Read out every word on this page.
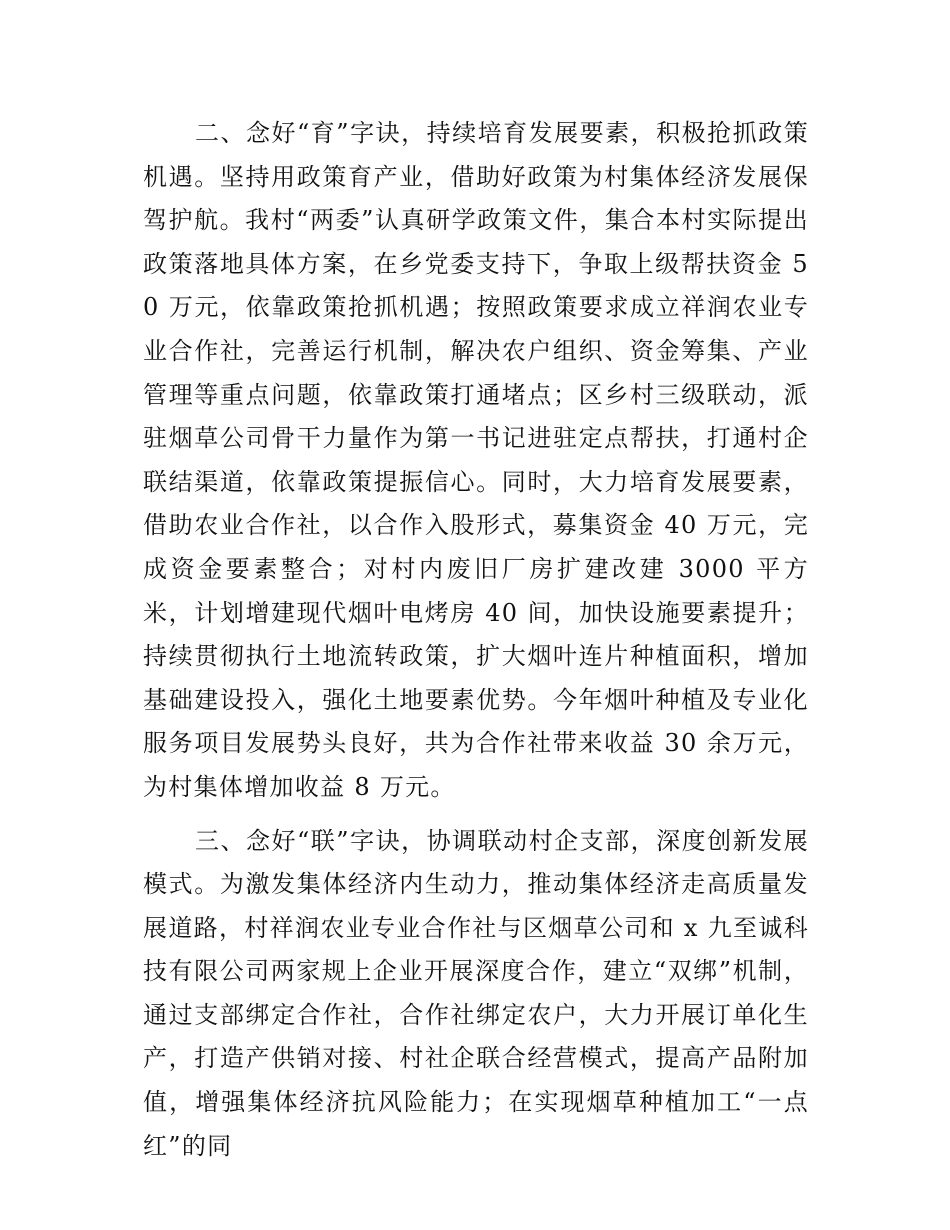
二、念好“育”字诀，持续培育发展要素，积极抢抓政策机遇。坚持用政策育产业，借助好政策为村集体经济发展保驾护航。我村“两委”认真研学政策文件，集合本村实际提出政策落地具体方案，在乡党委支持下，争取上级帮扶资金 50 万元，依靠政策抢抓机遇；按照政策要求成立祥润农业专业合作社，完善运行机制，解决农户组织、资金筹集、产业管理等重点问题，依靠政策打通堵点；区乡村三级联动，派驻烟草公司骨干力量作为第一书记进驻定点帮扶，打通村企联结渠道，依靠政策提振信心。同时，大力培育发展要素，借助农业合作社，以合作入股形式，募集资金 40 万元，完成资金要素整合；对村内废旧厂房扩建改建 3000 平方米，计划增建现代烟叶电烤房 40 间，加快设施要素提升；持续贯彻执行土地流转政策，扩大烟叶连片种植面积，增加基础建设投入，强化土地要素优势。今年烟叶种植及专业化服务项目发展势头良好，共为合作社带来收益 30 余万元，为村集体增加收益 8 万元。

三、念好“联”字诀，协调联动村企支部，深度创新发展模式。为激发集体经济内生动力，推动集体经济走高质量发展道路，村祥润农业专业合作社与区烟草公司和 x 九至诚科技有限公司两家规上企业开展深度合作，建立“双绑”机制，通过支部绑定合作社，合作社绑定农户，大力开展订单化生产，打造产供销对接、村社企联合经营模式，提高产品附加值，增强集体经济抗风险能力；在实现烟草种植加工“一点红”的同
